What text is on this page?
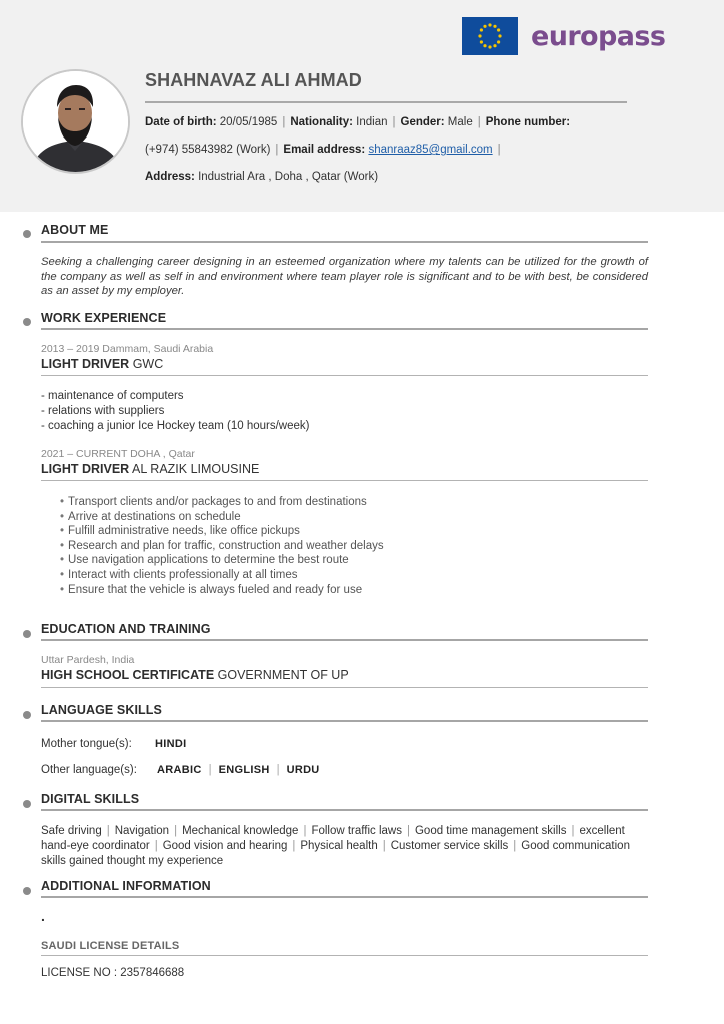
europass
SHAHNAVAZ ALI AHMAD
Date of birth: 20/05/1985 | Nationality: Indian | Gender: Male | Phone number:
(+974) 55843982 (Work) | Email address: shanraaz85@gmail.com |
Address: Industrial Ara , Doha , Qatar (Work)
ABOUT ME
Seeking a challenging career designing in an esteemed organization where my talents can be utilized for the growth of the company as well as self in and environment where team player role is significant and to be with best, be considered as an asset by my employer.
WORK EXPERIENCE
2013 – 2019 Dammam, Saudi Arabia
LIGHT DRIVER GWC
- maintenance of computers
- relations with suppliers
- coaching a junior Ice Hockey team (10 hours/week)
2021 – CURRENT DOHA , Qatar
LIGHT DRIVER AL RAZIK LIMOUSINE
• Transport clients and/or packages to and from destinations
• Arrive at destinations on schedule
• Fulfill administrative needs, like office pickups
• Research and plan for traffic, construction and weather delays
• Use navigation applications to determine the best route
• Interact with clients professionally at all times
• Ensure that the vehicle is always fueled and ready for use
EDUCATION AND TRAINING
Uttar Pardesh, India
HIGH SCHOOL CERTIFICATE GOVERNMENT OF UP
LANGUAGE SKILLS
Mother tongue(s): HINDI
Other language(s): ARABIC | ENGLISH | URDU
DIGITAL SKILLS
Safe driving | Navigation | Mechanical knowledge | Follow traffic laws | Good time management skills | excellent hand-eye coordinator | Good vision and hearing | Physical health | Customer service skills | Good communication skills gained thought my experience
ADDITIONAL INFORMATION
.
SAUDI LICENSE DETAILS
LICENSE NO : 2357846688
